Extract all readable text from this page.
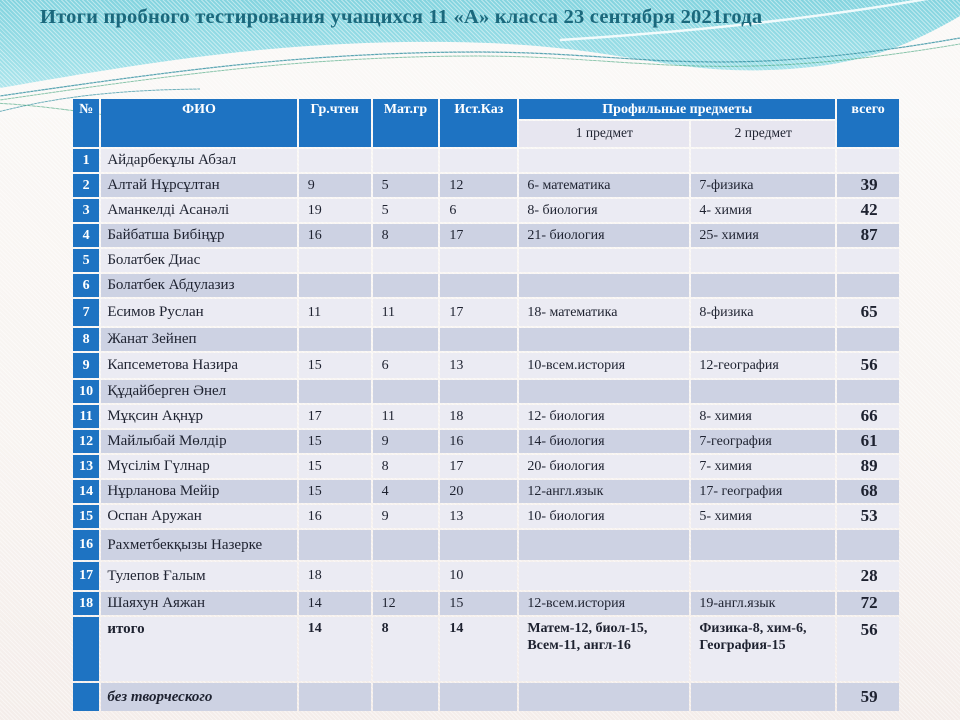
Итоги пробного тестирования учащихся 11 «А» класса 23 сентября 2021года
№	ФИО	Гр.чтен	Мат.гр	Ист.Каз	Профильные предметы		всего
					1 предмет	2 предмет	
1	Айдарбекұлы Абзал						
2	Алтай Нұрсұлтан	9	5	12	6- математика	7-физика	39
3	Аманкелді Асанәлі	19	5	6	8- биология	4- химия	42
4	Байбатша Бибіңұр	16	8	17	21- биология	25- химия	87
5	Болатбек Диас						
6	Болатбек Абдулазиз						
7	Есимов Руслан	11	11	17	18- математика	8-физика	65
8	Жанат Зейнеп						
9	Капсеметова Назира	15	6	13	10-всем.история	12-география	56
10	Құдайберген Әнел						
11	Мұқсин Ақнұр	17	11	18	12- биология	8- химия	66
12	Майлыбай Мөлдір	15	9	16	14- биология	7-география	61
13	Мүсілім Гүлнар	15	8	17	20- биология	7- химия	89
14	Нұрланова Мейір	15	4	20	12-англ.язык	17- география	68
15	Оспан Аружан	16	9	13	10- биология	5- химия	53
16	Рахметбекқызы Назерке						
17	Тулепов Ғалым	18		10			28
18	Шаяхун Аяжан	14	12	15	12-всем.история	19-англ.язык	72
	итого	14	8	14	Матем-12, биол-15, Всем-11, англ-16	Физика-8, хим-6, География-15	56
	без творческого						59
